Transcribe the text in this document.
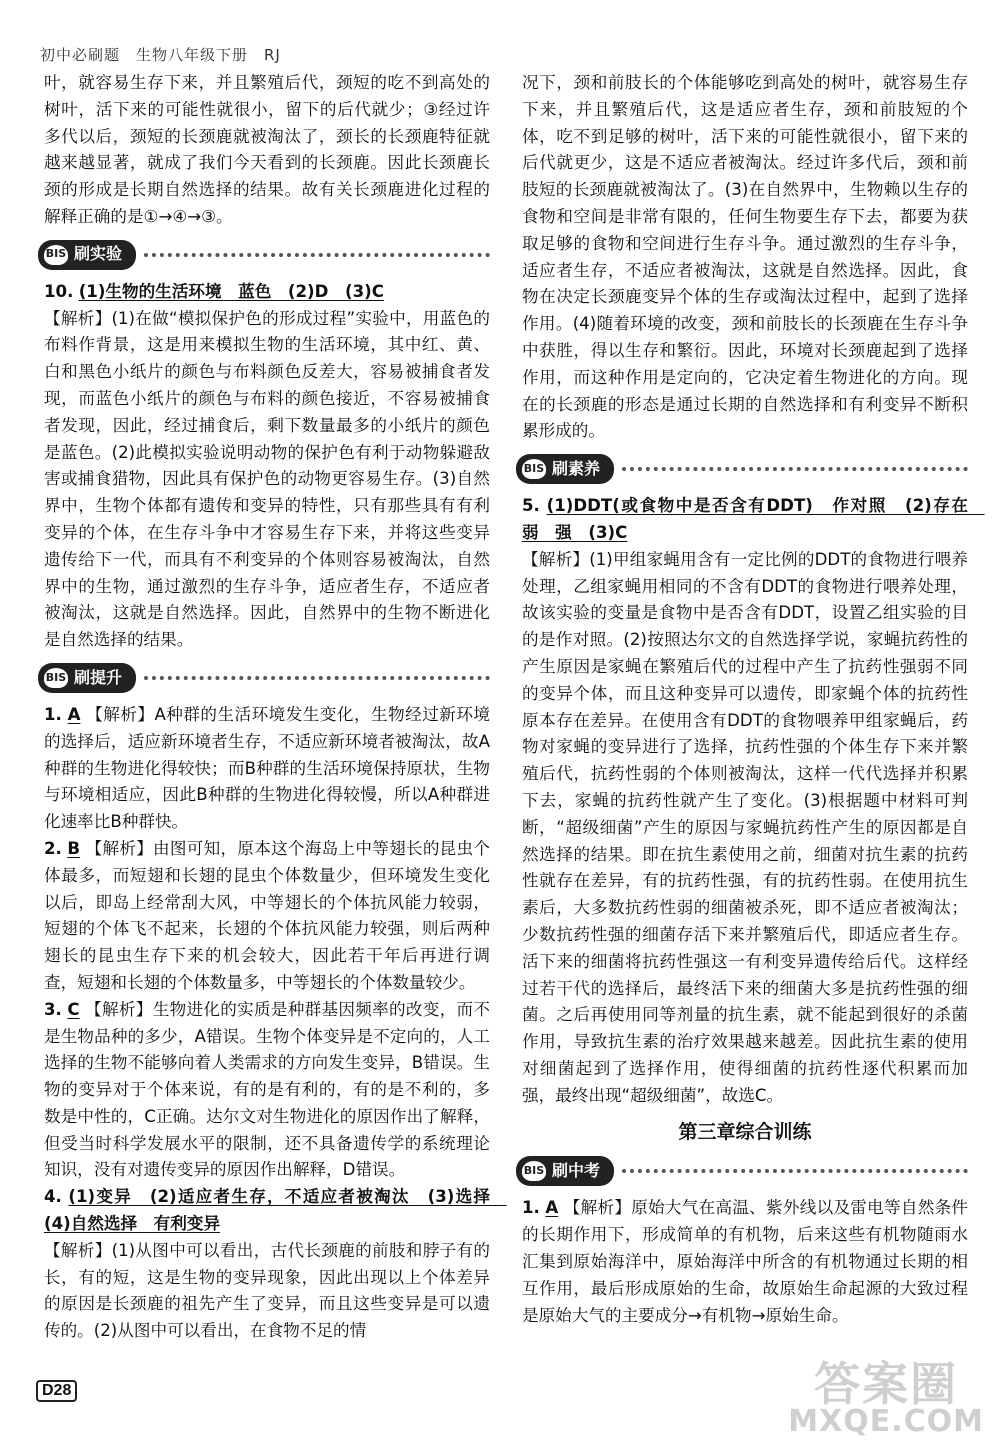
初中必刷题　生物八年级下册　RJ

叶，就容易生存下来，并且繁殖后代，颈短的吃不到高处的树叶，活下来的可能性就很小，留下的后代就少；③经过许多代以后，颈短的长颈鹿就被淘汰了，颈长的长颈鹿特征就越来越显著，就成了我们今天看到的长颈鹿。因此长颈鹿长颈的形成是长期自然选择的结果。故有关长颈鹿进化过程的解释正确的是①→④→③。

BIS 刷实验

10. (1)生物的生活环境　蓝色　(2)D　(3)C

【解析】(1)在做“模拟保护色的形成过程”实验中，用蓝色的布料作背景，这是用来模拟生物的生活环境，其中红、黄、白和黑色小纸片的颜色与布料颜色反差大，容易被捕食者发现，而蓝色小纸片的颜色与布料的颜色接近，不容易被捕食者发现，因此，经过捕食后，剩下数量最多的小纸片的颜色是蓝色。(2)此模拟实验说明动物的保护色有利于动物躲避敌害或捕食猎物，因此具有保护色的动物更容易生存。(3)自然界中，生物个体都有遗传和变异的特性，只有那些具有有利变异的个体，在生存斗争中才容易生存下来，并将这些变异遗传给下一代，而具有不利变异的个体则容易被淘汰，自然界中的生物，通过激烈的生存斗争，适应者生存，不适应者被淘汰，这就是自然选择。因此，自然界中的生物不断进化是自然选择的结果。

BIS 刷提升

1. A 【解析】A种群的生活环境发生变化，生物经过新环境的选择后，适应新环境者生存，不适应新环境者被淘汰，故A种群的生物进化得较快；而B种群的生活环境保持原状，生物与环境相适应，因此B种群的生物进化得较慢，所以A种群进化速率比B种群快。

2. B 【解析】由图可知，原本这个海岛上中等翅长的昆虫个体最多，而短翅和长翅的昆虫个体数量少，但环境发生变化以后，即岛上经常刮大风，中等翅长的个体抗风能力较弱，短翅的个体飞不起来，长翅的个体抗风能力较强，则后两种翅长的昆虫生存下来的机会较大，因此若干年后再进行调查，短翅和长翅的个体数量多，中等翅长的个体数量较少。

3. C 【解析】生物进化的实质是种群基因频率的改变，而不是生物品种的多少，A错误。生物个体变异是不定向的，人工选择的生物不能够向着人类需求的方向发生变异，B错误。生物的变异对于个体来说，有的是有利的，有的是不利的，多数是中性的，C正确。达尔文对生物进化的原因作出了解释，但受当时科学发展水平的限制，还不具备遗传学的系统理论知识，没有对遗传变异的原因作出解释，D错误。

4. (1)变异　(2)适应者生存，不适应者被淘汰　(3)选择　(4)自然选择　有利变异

【解析】(1)从图中可以看出，古代长颈鹿的前肢和脖子有的长，有的短，这是生物的变异现象，因此出现以上个体差异的原因是长颈鹿的祖先产生了变异，而且这些变异是可以遗传的。(2)从图中可以看出，在食物不足的情

况下，颈和前肢长的个体能够吃到高处的树叶，就容易生存下来，并且繁殖后代，这是适应者生存，颈和前肢短的个体，吃不到足够的树叶，活下来的可能性就很小，留下来的后代就更少，这是不适应者被淘汰。经过许多代后，颈和前肢短的长颈鹿就被淘汰了。(3)在自然界中，生物赖以生存的食物和空间是非常有限的，任何生物要生存下去，都要为获取足够的食物和空间进行生存斗争。通过激烈的生存斗争，适应者生存，不适应者被淘汰，这就是自然选择。因此，食物在决定长颈鹿变异个体的生存或淘汰过程中，起到了选择作用。(4)随着环境的改变，颈和前肢长的长颈鹿在生存斗争中获胜，得以生存和繁衍。因此，环境对长颈鹿起到了选择作用，而这种作用是定向的，它决定着生物进化的方向。现在的长颈鹿的形态是通过长期的自然选择和有利变异不断积累形成的。

BIS 刷素养

5. (1)DDT(或食物中是否含有DDT)　作对照　(2)存在　弱　强　(3)C

【解析】(1)甲组家蝇用含有一定比例的DDT的食物进行喂养处理，乙组家蝇用相同的不含有DDT的食物进行喂养处理，故该实验的变量是食物中是否含有DDT，设置乙组实验的目的是作对照。(2)按照达尔文的自然选择学说，家蝇抗药性的产生原因是家蝇在繁殖后代的过程中产生了抗药性强弱不同的变异个体，而且这种变异可以遗传，即家蝇个体的抗药性原本存在差异。在使用含有DDT的食物喂养甲组家蝇后，药物对家蝇的变异进行了选择，抗药性强的个体生存下来并繁殖后代，抗药性弱的个体则被淘汰，这样一代代选择并积累下去，家蝇的抗药性就产生了变化。(3)根据题中材料可判断，“超级细菌”产生的原因与家蝇抗药性产生的原因都是自然选择的结果。即在抗生素使用之前，细菌对抗生素的抗药性就存在差异，有的抗药性强，有的抗药性弱。在使用抗生素后，大多数抗药性弱的细菌被杀死，即不适应者被淘汰；少数抗药性强的细菌存活下来并繁殖后代，即适应者生存。活下来的细菌将抗药性强这一有利变异遗传给后代。这样经过若干代的选择后，最终活下来的细菌大多是抗药性强的细菌。之后再使用同等剂量的抗生素，就不能起到很好的杀菌作用，导致抗生素的治疗效果越来越差。因此抗生素的使用对细菌起到了选择作用，使得细菌的抗药性逐代积累而加强，最终出现“超级细菌”，故选C。

第三章综合训练
BIS 刷中考

1. A 【解析】原始大气在高温、紫外线以及雷电等自然条件的长期作用下，形成简单的有机物，后来这些有机物随雨水汇集到原始海洋中，原始海洋中所含的有机物通过长期的相互作用，最后形成原始的生命，故原始生命起源的大致过程是原始大气的主要成分→有机物→原始生命。

D28	答案圈
MXQE.COM
